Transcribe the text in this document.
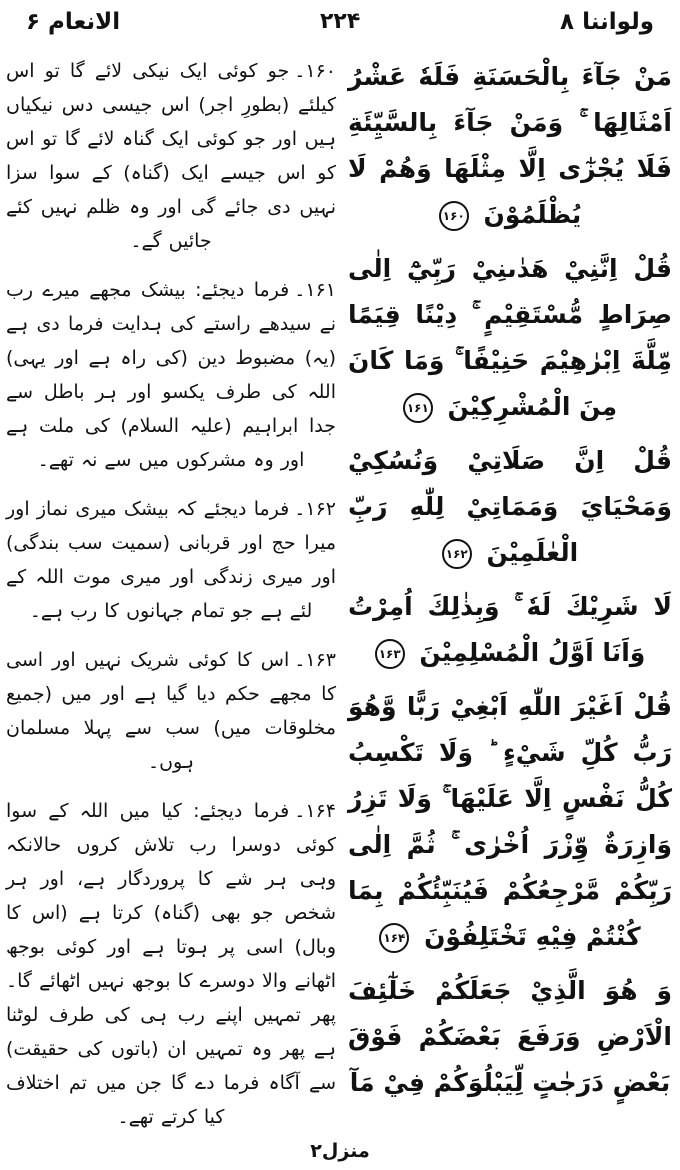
الانعام ۶	۲۲۴	ولواننا ۸

۱۶۰۔جو کوئی ایک نیکی لائے گا تو اس کیلئے (بطورِ اجر) اس جیسی دس نیکیاں ہیں اور جو کوئی ایک گناہ لائے گا تو اس کو اس جیسے ایک (گناہ) کے سوا سزا نہیں دی جائے گی اور وہ ظلم نہیں کئے جائیں گے۔

۱۶۱۔فرما دیجئے: بیشک مجھے میرے رب نے سیدھے راستے کی ہدایت فرما دی ہے (یہ) مضبوط دین (کی راہ ہے اور یہی) اللہ کی طرف یکسو اور ہر باطل سے جدا ابراہیم (علیہ السلام) کی ملت ہے اور وہ مشرکوں میں سے نہ تھے۔

۱۶۲۔فرما دیجئے کہ بیشک میری نماز اور میرا حج اور قربانی (سمیت سب بندگی) اور میری زندگی اور میری موت اللہ کے لئے ہے جو تمام جہانوں کا رب ہے۔

۱۶۳۔اس کا کوئی شریک نہیں اور اسی کا مجھے حکم دیا گیا ہے اور میں (جمیع مخلوقات میں) سب سے پہلا مسلمان ہوں۔

۱۶۴۔فرما دیجئے: کیا میں اللہ کے سوا کوئی دوسرا رب تلاش کروں حالانکہ وہی ہر شے کا پروردگار ہے، اور ہر شخص جو بھی (گناہ) کرتا ہے (اس کا وبال) اسی پر ہوتا ہے اور کوئی بوجھ اٹھانے والا دوسرے کا بوجھ نہیں اٹھائے گا۔ پھر تمہیں اپنے رب ہی کی طرف لوٹنا ہے پھر وہ تمہیں ان (باتوں کی حقیقت) سے آگاہ فرما دے گا جن میں تم اختلاف کیا کرتے تھے۔

مَنْ جَآءَ بِالْحَسَنَةِ فَلَهٗ عَشْرُ اَمْثَالِهَا ۚ وَمَنْ جَآءَ بِالسَّيِّئَةِ فَلَا يُجْزٰٓى اِلَّا مِثْلَهَا وَهُمْ لَا يُظْلَمُوْنَ ۱۶۰

قُلْ اِنَّنِيْ هَدٰىنِيْ رَبِّيْٓ اِلٰى صِرَاطٍ مُّسْتَقِيْمٍ ۚ دِيْنًا قِيَمًا مِّلَّةَ اِبْرٰهِيْمَ حَنِيْفًا ۚ وَمَا كَانَ مِنَ الْمُشْرِكِيْنَ ۱۶۱

قُلْ اِنَّ صَلَاتِيْ وَنُسُكِيْ وَمَحْيَايَ وَمَمَاتِيْ لِلّٰهِ رَبِّ الْعٰلَمِيْنَ ۱۶۲

لَا شَرِيْكَ لَهٗ ۚ وَبِذٰلِكَ اُمِرْتُ وَاَنَا اَوَّلُ الْمُسْلِمِيْنَ ۱۶۳

قُلْ اَغَيْرَ اللّٰهِ اَبْغِيْ رَبًّا وَّهُوَ رَبُّ كُلِّ شَيْءٍ ؕ وَلَا تَكْسِبُ كُلُّ نَفْسٍ اِلَّا عَلَيْهَا ۚ وَلَا تَزِرُ وَازِرَةٌ وِّزْرَ اُخْرٰى ۚ ثُمَّ اِلٰى رَبِّكُمْ مَّرْجِعُكُمْ فَيُنَبِّئُكُمْ بِمَا كُنْتُمْ فِيْهِ تَخْتَلِفُوْنَ ۱۶۴

وَ هُوَ الَّذِيْ جَعَلَكُمْ خَلٰٓئِفَ الْاَرْضِ وَرَفَعَ بَعْضَكُمْ فَوْقَ بَعْضٍ دَرَجٰتٍ لِّيَبْلُوَكُمْ فِيْ مَآ

منزل۲
